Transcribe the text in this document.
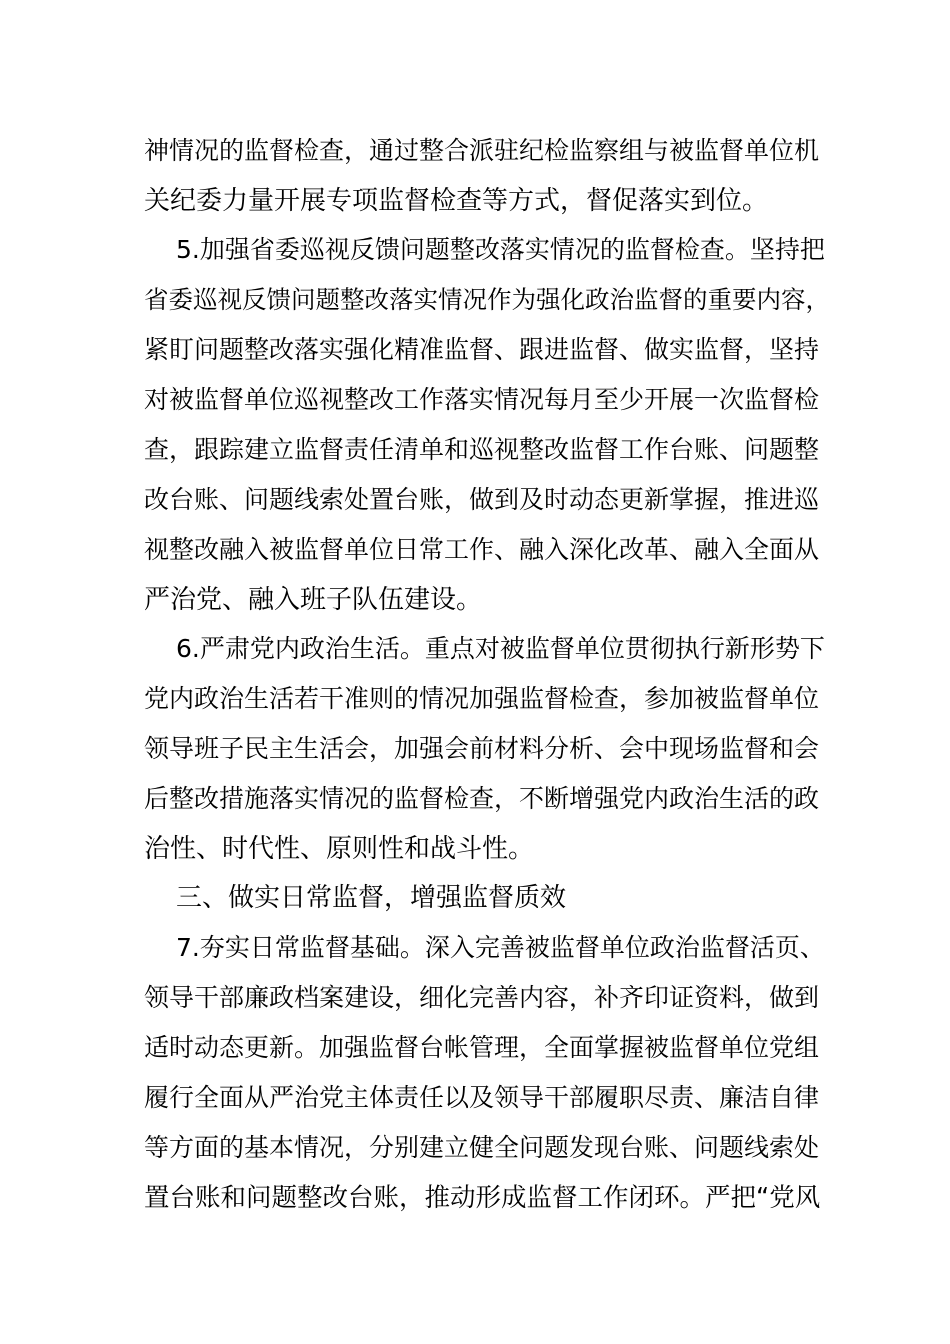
神情况的监督检查，通过整合派驻纪检监察组与被监督单位机
关纪委力量开展专项监督检查等方式，督促落实到位。
5.加强省委巡视反馈问题整改落实情况的监督检查。坚持把
省委巡视反馈问题整改落实情况作为强化政治监督的重要内容，
紧盯问题整改落实强化精准监督、跟进监督、做实监督，坚持
对被监督单位巡视整改工作落实情况每月至少开展一次监督检
查，跟踪建立监督责任清单和巡视整改监督工作台账、问题整
改台账、问题线索处置台账，做到及时动态更新掌握，推进巡
视整改融入被监督单位日常工作、融入深化改革、融入全面从
严治党、融入班子队伍建设。
6.严肃党内政治生活。重点对被监督单位贯彻执行新形势下
党内政治生活若干准则的情况加强监督检查，参加被监督单位
领导班子民主生活会，加强会前材料分析、会中现场监督和会
后整改措施落实情况的监督检查，不断增强党内政治生活的政
治性、时代性、原则性和战斗性。
三、做实日常监督，增强监督质效
7.夯实日常监督基础。深入完善被监督单位政治监督活页、
领导干部廉政档案建设，细化完善内容，补齐印证资料，做到
适时动态更新。加强监督台帐管理，全面掌握被监督单位党组
履行全面从严治党主体责任以及领导干部履职尽责、廉洁自律
等方面的基本情况，分别建立健全问题发现台账、问题线索处
置台账和问题整改台账，推动形成监督工作闭环。严把“党风
